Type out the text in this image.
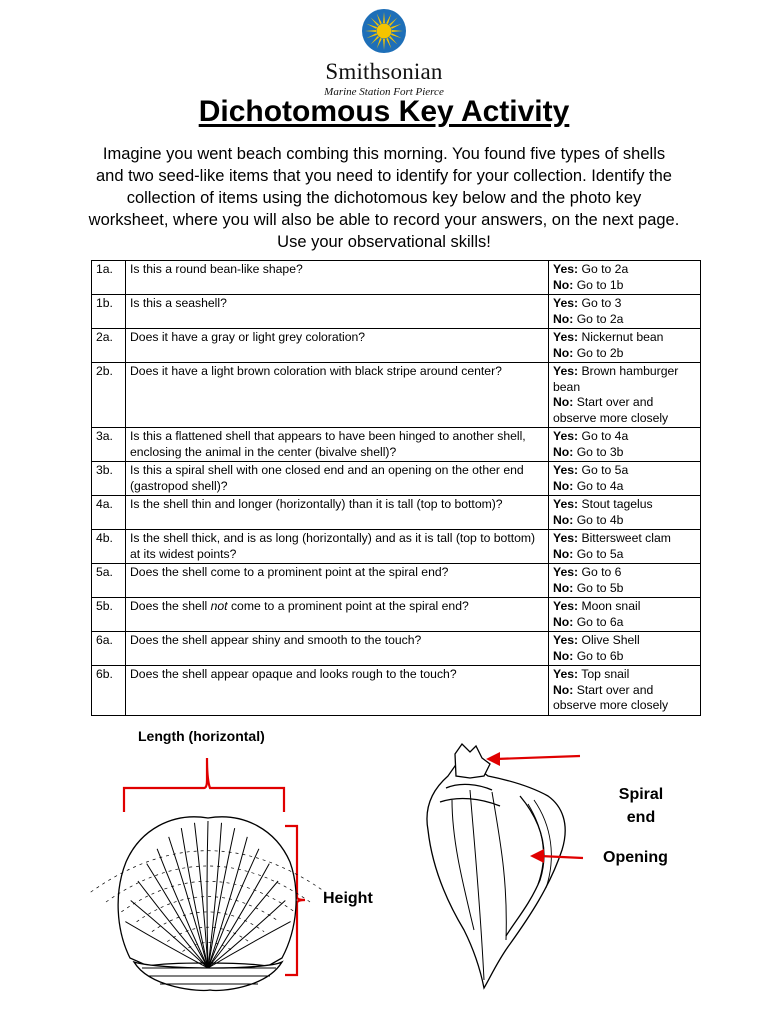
Smithsonian
Marine Station Fort Pierce
Dichotomous Key Activity
Imagine you went beach combing this morning. You found five types of shells and two seed-like items that you need to identify for your collection. Identify the collection of items using the dichotomous key below and the photo key worksheet, where you will also be able to record your answers, on the next page. Use your observational skills!
1a.	Is this a round bean-like shape?	Yes: Go to 2a
No: Go to 1b

1b.	Is this a seashell?	Yes: Go to 3
No: Go to 2a

2a.	Does it have a gray or light grey coloration?	Yes: Nickernut bean
No: Go to 2b

2b.	Does it have a light brown coloration with black stripe around center?	Yes: Brown hamburger bean
No: Start over and observe more closely

3a.	Is this a flattened shell that appears to have been hinged to another shell, enclosing the animal in the center (bivalve shell)?	Yes: Go to 4a
No: Go to 3b

3b.	Is this a spiral shell with one closed end and an opening on the other end (gastropod shell)?	Yes: Go to 5a
No: Go to 4a

4a.	Is the shell thin and longer (horizontally) than it is tall (top to bottom)?	Yes: Stout tagelus
No: Go to 4b

4b.	Is the shell thick, and is as long (horizontally) and as it is tall (top to bottom) at its widest points?	Yes: Bittersweet clam
No: Go to 5a

5a.	Does the shell come to a prominent point at the spiral end?	Yes: Go to 6
No: Go to 5b

5b.	Does the shell not come to a prominent point at the spiral end?	Yes: Moon snail
No: Go to 6a

6a.	Does the shell appear shiny and smooth to the touch?	Yes: Olive Shell
No: Go to 6b

6b.	Does the shell appear opaque and looks rough to the touch?	Yes: Top snail
No: Start over and observe more closely
Length (horizontal)
Height
Spiral
end
Opening
